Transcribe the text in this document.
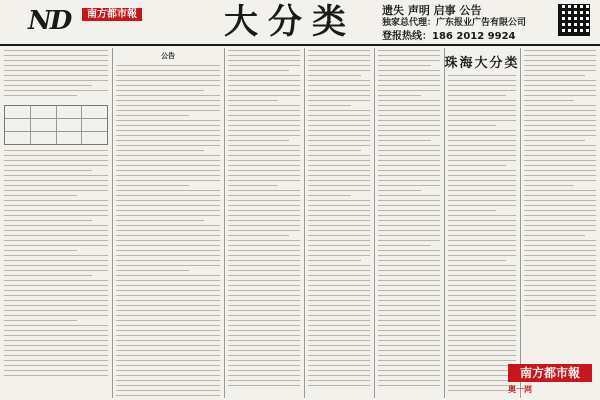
ND	南方都市報	大分类	遗失 声明 启事 公告
独家总代理：广东报业广告有限公司
登报热线：186 2012 9924
公告	珠海大分类
南方都市報
奥一网
